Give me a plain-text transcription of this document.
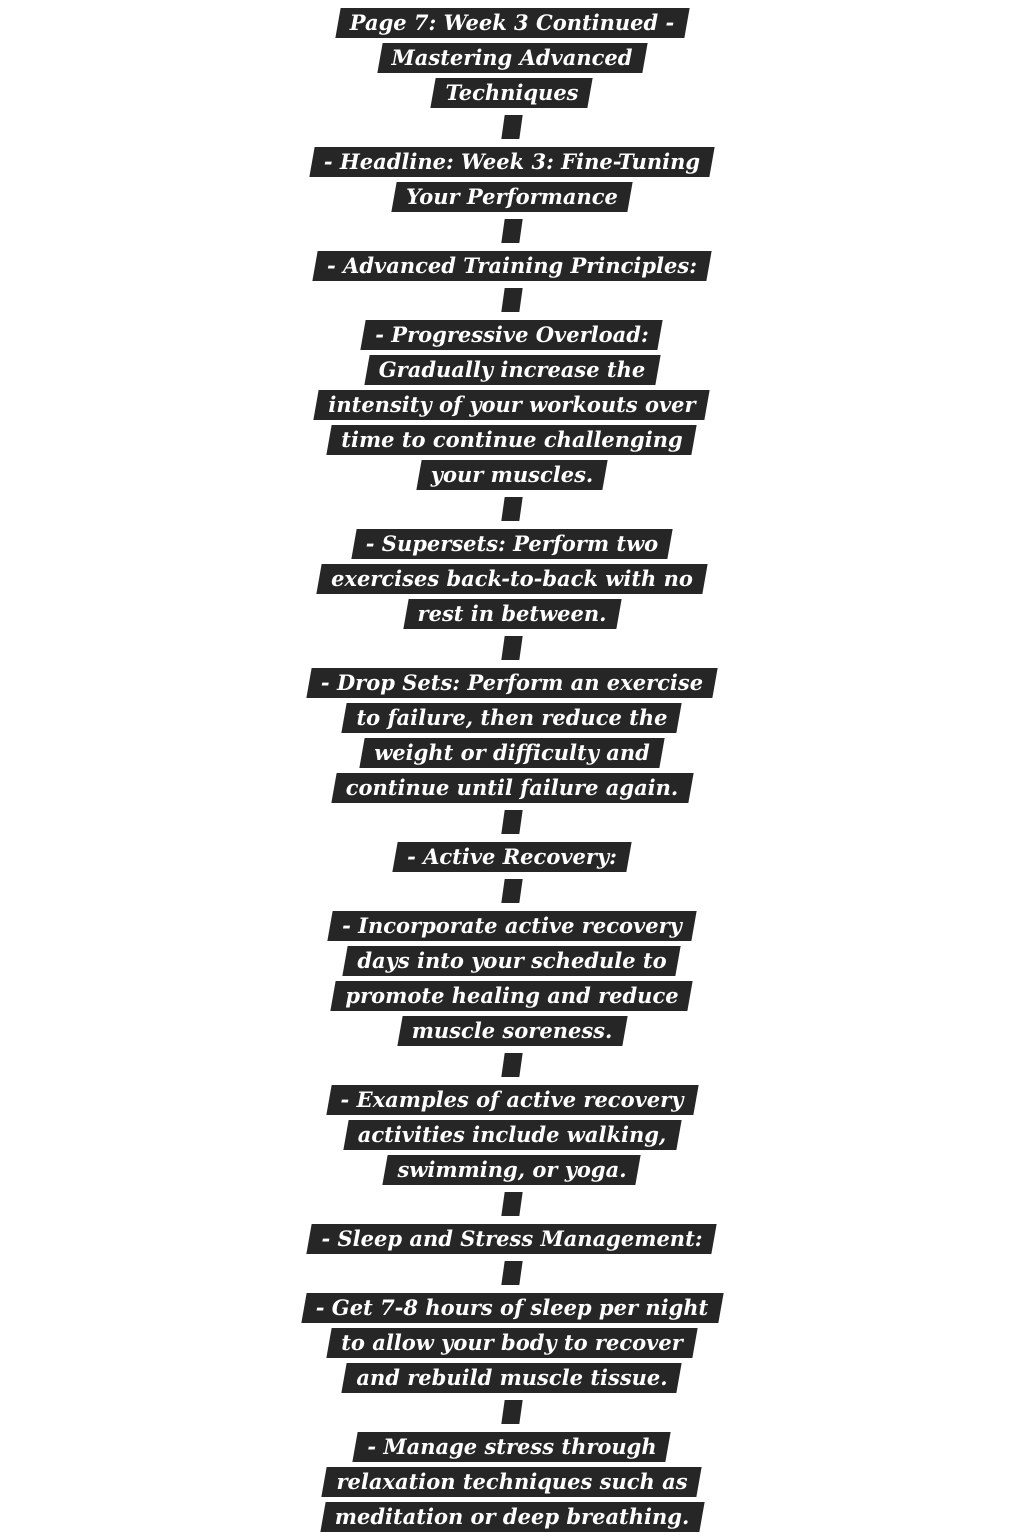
Page 7: Week 3 Continued -
Mastering Advanced
Techniques
- Headline: Week 3: Fine-Tuning
Your Performance
- Advanced Training Principles:
- Progressive Overload:
Gradually increase the
intensity of your workouts over
time to continue challenging
your muscles.
- Supersets: Perform two
exercises back-to-back with no
rest in between.
- Drop Sets: Perform an exercise
to failure, then reduce the
weight or difficulty and
continue until failure again.
- Active Recovery:
- Incorporate active recovery
days into your schedule to
promote healing and reduce
muscle soreness.
- Examples of active recovery
activities include walking,
swimming, or yoga.
- Sleep and Stress Management:
- Get 7-8 hours of sleep per night
to allow your body to recover
and rebuild muscle tissue.
- Manage stress through
relaxation techniques such as
meditation or deep breathing.
